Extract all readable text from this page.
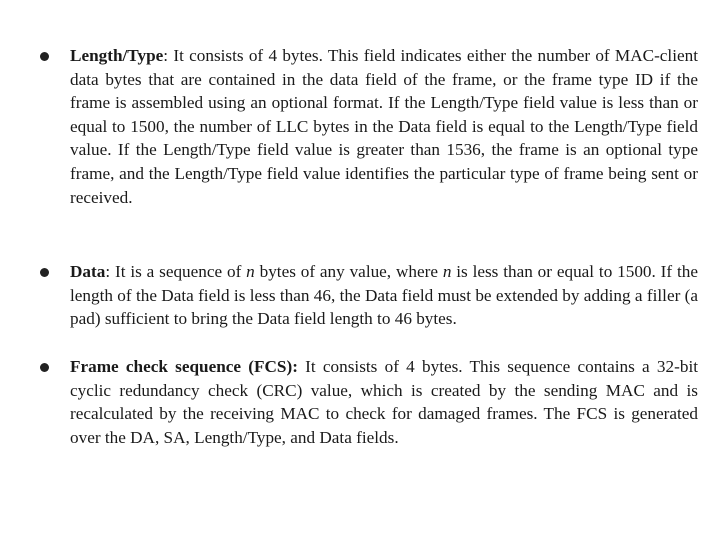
Length/Type: It consists of 4 bytes. This field indicates either the number of MAC-client data bytes that are contained in the data field of the frame, or the frame type ID if the frame is assembled using an optional format. If the Length/Type field value is less than or equal to 1500, the number of LLC bytes in the Data field is equal to the Length/Type field value. If the Length/Type field value is greater than 1536, the frame is an optional type frame, and the Length/Type field value identifies the particular type of frame being sent or received.

Data: It is a sequence of n bytes of any value, where n is less than or equal to 1500. If the length of the Data field is less than 46, the Data field must be extended by adding a filler (a pad) sufficient to bring the Data field length to 46 bytes.

Frame check sequence (FCS): It consists of 4 bytes. This sequence contains a 32-bit cyclic redundancy check (CRC) value, which is created by the sending MAC and is recalculated by the receiving MAC to check for damaged frames. The FCS is generated over the DA, SA, Length/Type, and Data fields.
